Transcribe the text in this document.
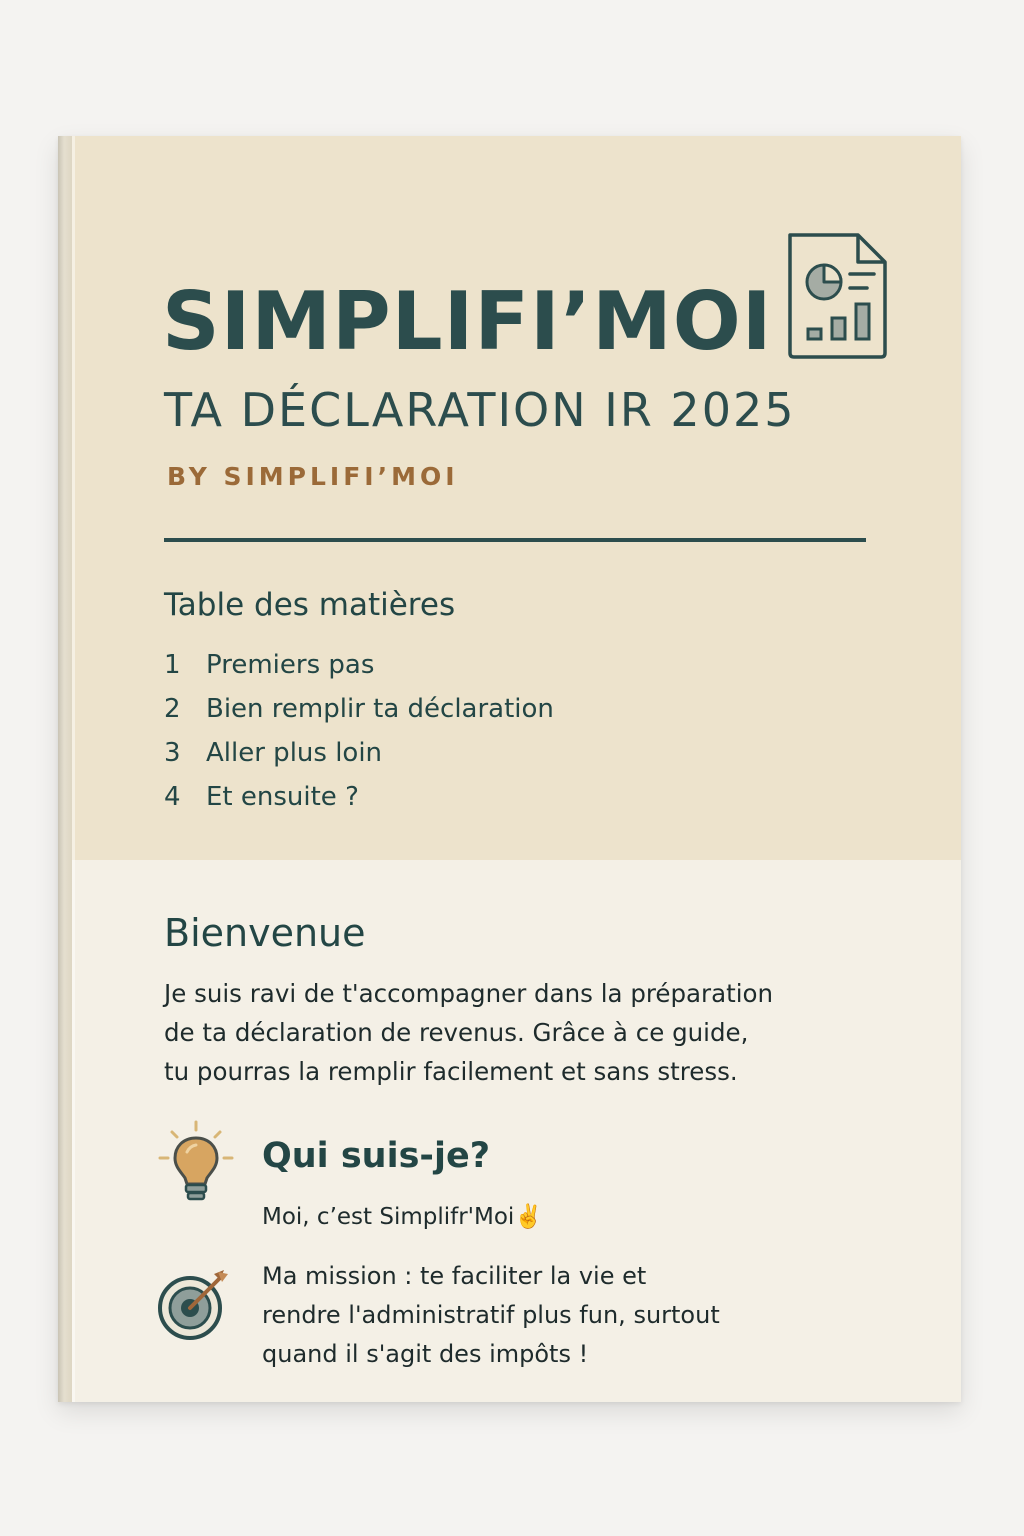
SIMPLIFI’MOI
TA DÉCLARATION IR 2025
BY SIMPLIFI’MOI
Table des matières
1 Premiers pas
2 Bien remplir ta déclaration
3 Aller plus loin
4 Et ensuite ?
Bienvenue
Je suis ravi de t'accompagner dans la préparation
de ta déclaration de revenus. Grâce à ce guide,
tu pourras la remplir facilement et sans stress.
Qui suis-je?
Moi, c’est Simplifr'Moi✌️
Ma mission : te faciliter la vie et
rendre l'administratif plus fun, surtout
quand il s'agit des impôts !
